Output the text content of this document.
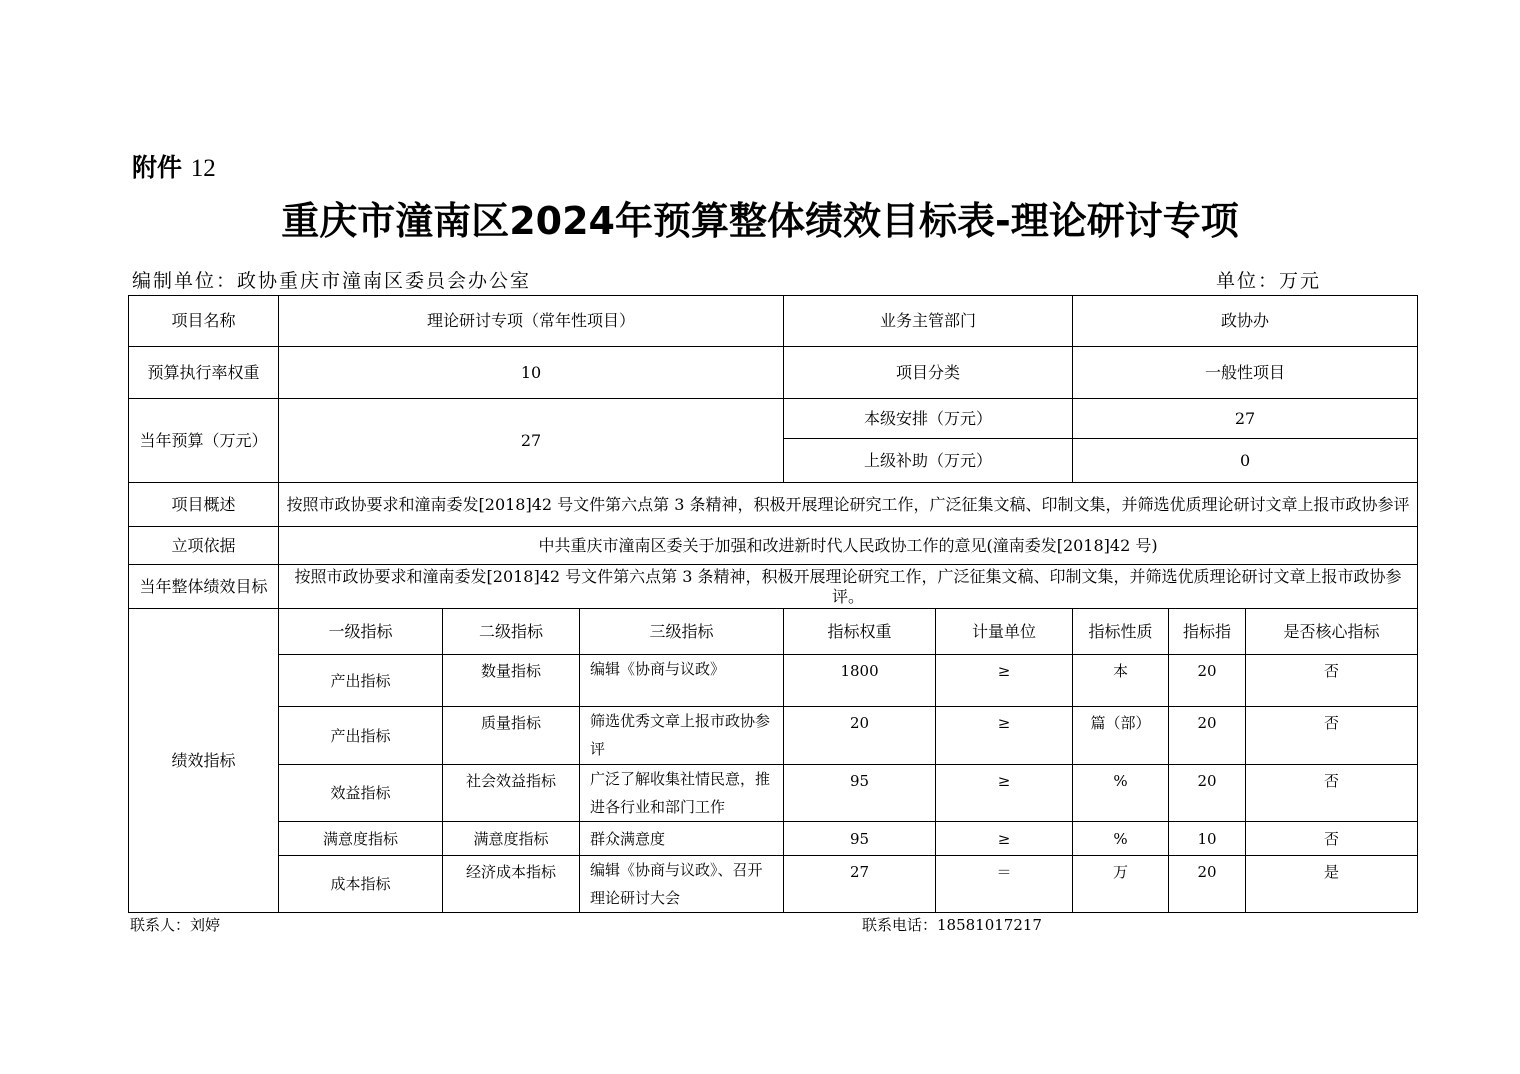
附件 12
重庆市潼南区2024年预算整体绩效目标表-理论研讨专项
编制单位：政协重庆市潼南区委员会办公室	单位：万元
项目名称	理论研讨专项（常年性项目）			业务主管部门		政协办		
预算执行率权重	10			项目分类		一般性项目		
当年预算（万元）	27			本级安排（万元）		27		
				上级补助（万元）		0		
项目概述	按照市政协要求和潼南委发[2018]42 号文件第六点第 3 条精神，积极开展理论研究工作，广泛征集文稿、印制文集，并筛选优质理论研讨文章上报市政协参评							
立项依据	中共重庆市潼南区委关于加强和改进新时代人民政协工作的意见(潼南委发[2018]42 号)							
当年整体绩效目标	按照市政协要求和潼南委发[2018]42 号文件第六点第 3 条精神，积极开展理论研究工作，广泛征集文稿、印制文集，并筛选优质理论研讨文章上报市政协参评。							
绩效指标	一级指标	二级指标	三级指标	指标权重	计量单位	指标性质	指标指	是否核心指标
	产出指标	数量指标	编辑《协商与议政》	1800	≥	本	20	否
	产出指标	质量指标	筛选优秀文章上报市政协参评	20	≥	篇（部）	20	否
	效益指标	社会效益指标	广泛了解收集社情民意，推进各行业和部门工作	95	≥	%	20	否
	满意度指标	满意度指标	群众满意度	95	≥	%	10	否
	成本指标	经济成本指标	编辑《协商与议政》、召开理论研讨大会	27	＝	万	20	是
联系人：刘婷	联系电话：18581017217
